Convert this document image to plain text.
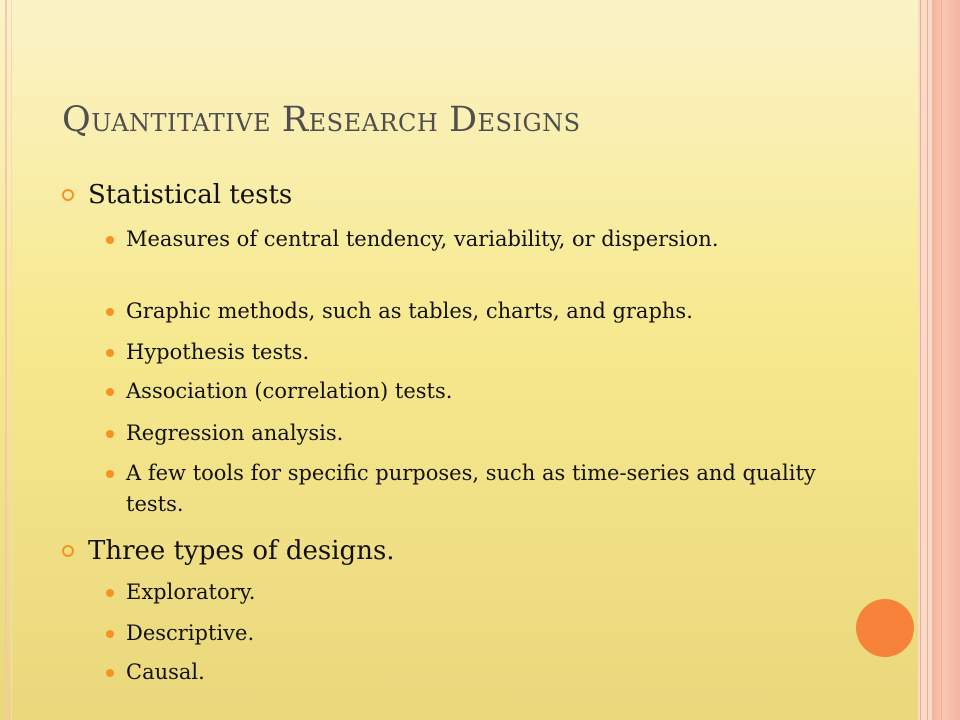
QUANTITATIVE RESEARCH DESIGNS
Statistical tests
Measures of central tendency, variability, or dispersion.
Graphic methods, such as tables, charts, and graphs.
Hypothesis tests.
Association (correlation) tests.
Regression analysis.
A few tools for specific purposes, such as time-series and quality tests.
Three types of designs.
Exploratory.
Descriptive.
Causal.
